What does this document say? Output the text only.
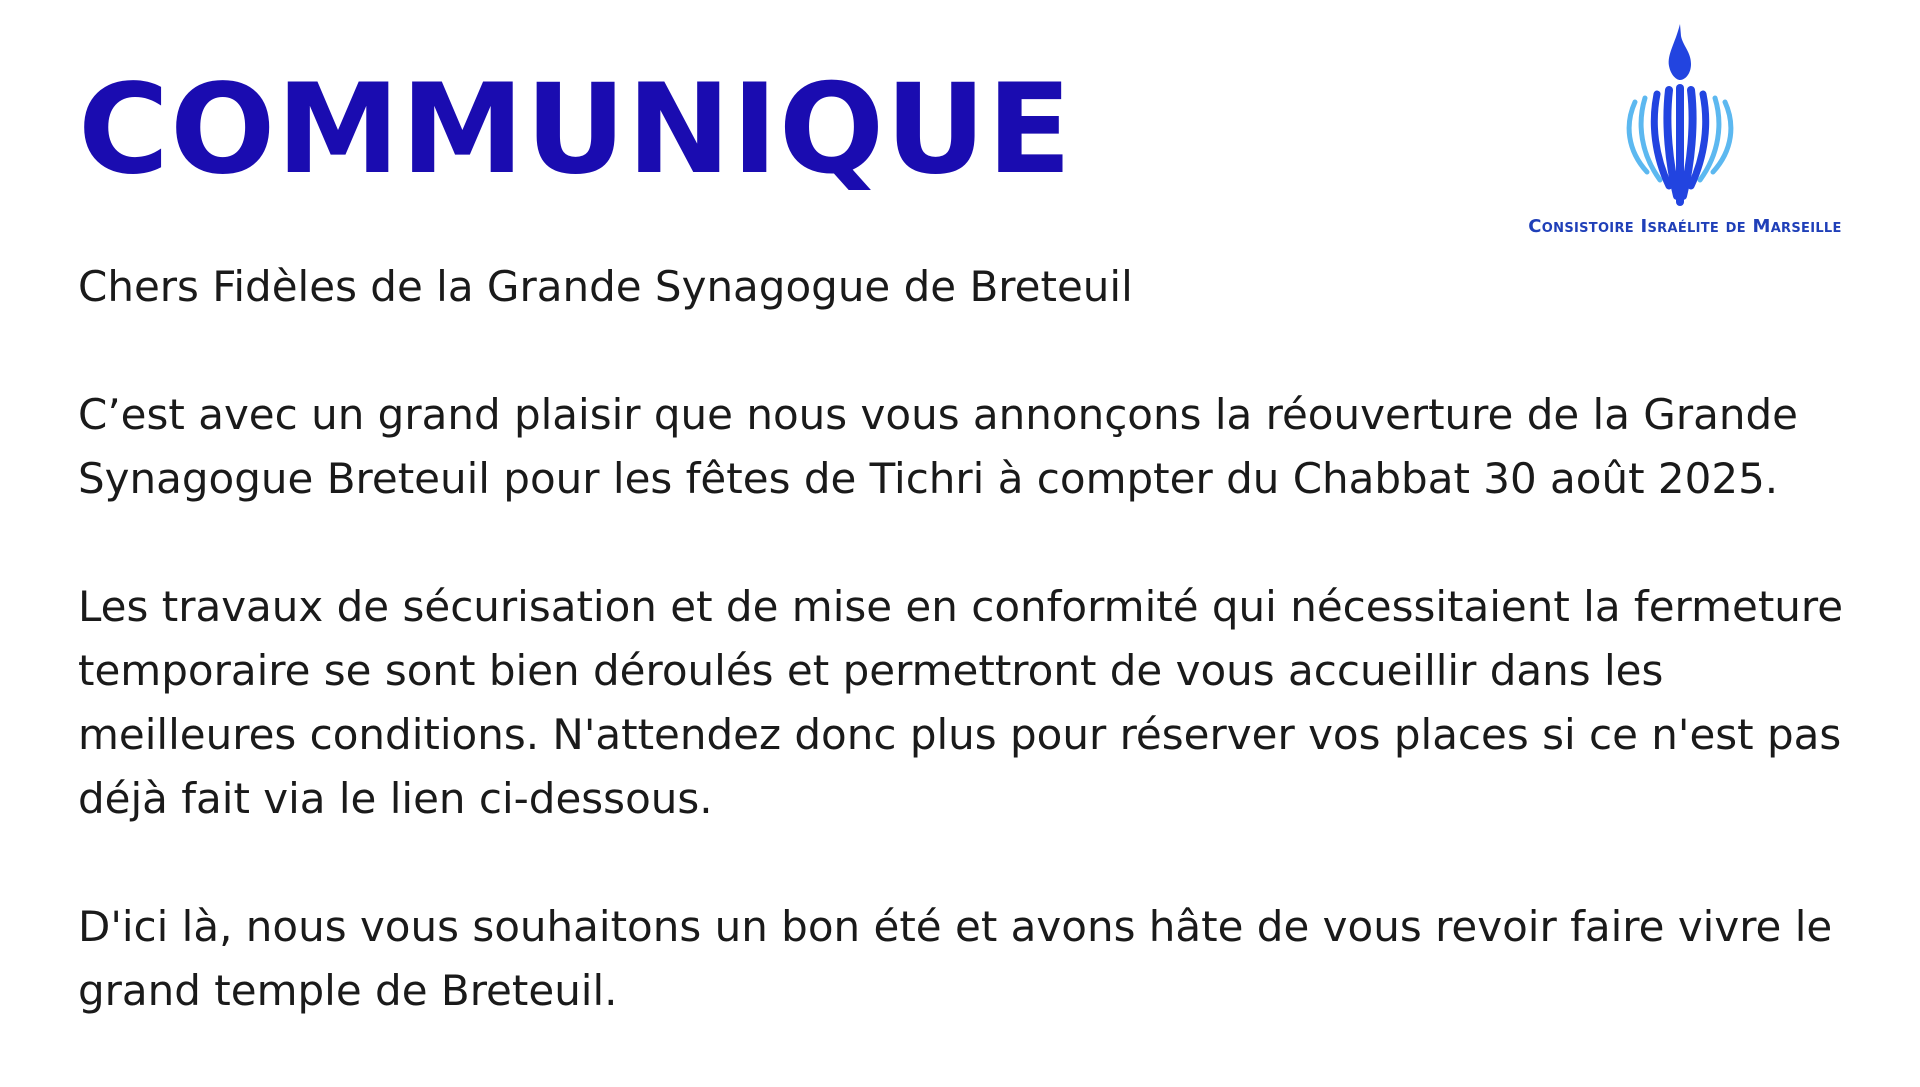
COMMUNIQUE
Consistoire Israélite de Marseille

Chers Fidèles de la Grande Synagogue de Breteuil

C’est avec un grand plaisir que nous vous annonçons la réouverture de la Grande Synagogue Breteuil pour les fêtes de Tichri à compter du Chabbat 30 août 2025.

Les travaux de sécurisation et de mise en conformité qui nécessitaient la fermeture temporaire se sont bien déroulés et permettront de vous accueillir dans les meilleures conditions. N'attendez donc plus pour réserver vos places si ce n'est pas déjà fait via le lien ci-dessous.

D'ici là, nous vous souhaitons un bon été et avons hâte de vous revoir faire vivre le grand temple de Breteuil.
